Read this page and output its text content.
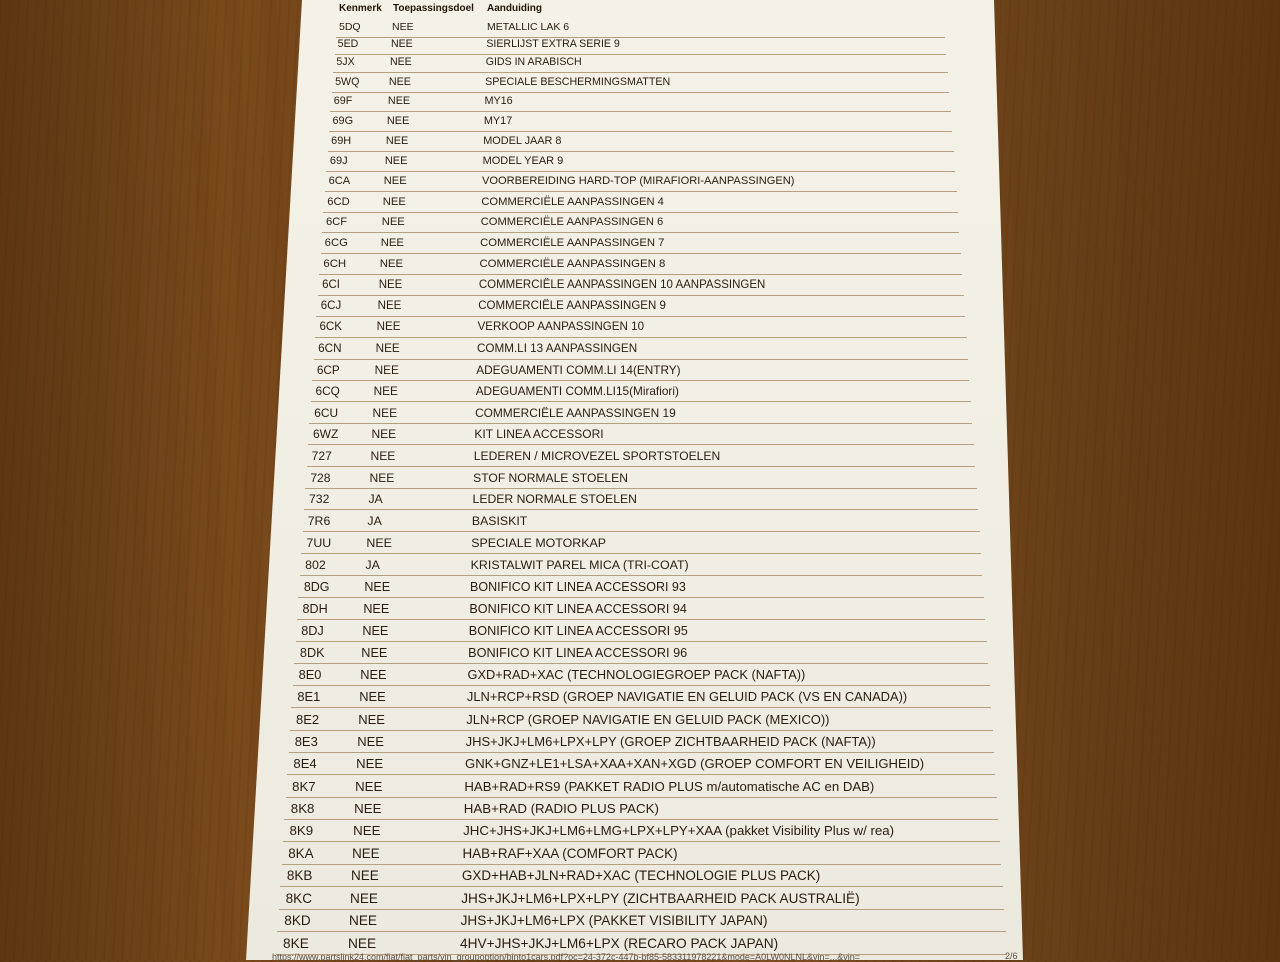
Kenmerk Toepassingsdoel Aanduiding
5DQ	NEE	METALLIC LAK 6
5ED	NEE	SIERLIJST EXTRA SERIE 9
5JX	NEE	GIDS IN ARABISCH
5WQ	NEE	SPECIALE BESCHERMINGSMATTEN
69F	NEE	MY16
69G	NEE	MY17
69H	NEE	MODEL JAAR 8
69J	NEE	MODEL YEAR 9
6CA	NEE	VOORBEREIDING HARD-TOP (MIRAFIORI-AANPASSINGEN)
6CD	NEE	COMMERCIËLE AANPASSINGEN 4
6CF	NEE	COMMERCIËLE AANPASSINGEN 6
6CG	NEE	COMMERCIËLE AANPASSINGEN 7
6CH	NEE	COMMERCIËLE AANPASSINGEN 8
6CI	NEE	COMMERCIËLE AANPASSINGEN 10 AANPASSINGEN
6CJ	NEE	COMMERCIËLE AANPASSINGEN 9
6CK	NEE	VERKOOP AANPASSINGEN 10
6CN	NEE	COMM.LI 13 AANPASSINGEN
6CP	NEE	ADEGUAMENTI COMM.LI 14(ENTRY)
6CQ	NEE	ADEGUAMENTI COMM.LI15(Mirafiori)
6CU	NEE	COMMERCIËLE AANPASSINGEN 19
6WZ	NEE	KIT LINEA ACCESSORI
727	NEE	LEDEREN / MICROVEZEL SPORTSTOELEN
728	NEE	STOF NORMALE STOELEN
732	JA	LEDER NORMALE STOELEN
7R6	JA	BASISKIT
7UU	NEE	SPECIALE MOTORKAP
802	JA	KRISTALWIT PAREL MICA (TRI-COAT)
8DG	NEE	BONIFICO KIT LINEA ACCESSORI 93
8DH	NEE	BONIFICO KIT LINEA ACCESSORI 94
8DJ	NEE	BONIFICO KIT LINEA ACCESSORI 95
8DK	NEE	BONIFICO KIT LINEA ACCESSORI 96
8E0	NEE	GXD+RAD+XAC (TECHNOLOGIEGROEP PACK (NAFTA))
8E1	NEE	JLN+RCP+RSD (GROEP NAVIGATIE EN GELUID PACK (VS EN CANADA))
8E2	NEE	JLN+RCP (GROEP NAVIGATIE EN GELUID PACK (MEXICO))
8E3	NEE	JHS+JKJ+LM6+LPX+LPY (GROEP ZICHTBAARHEID PACK (NAFTA))
8E4	NEE	GNK+GNZ+LE1+LSA+XAA+XAN+XGD (GROEP COMFORT EN VEILIGHEID)
8K7	NEE	HAB+RAD+RS9 (PAKKET RADIO PLUS m/automatische AC en DAB)
8K8	NEE	HAB+RAD (RADIO PLUS PACK)
8K9	NEE	JHC+JHS+JKJ+LM6+LMG+LPX+LPY+XAA (pakket Visibility Plus w/ rea)
8KA	NEE	HAB+RAF+XAA (COMFORT PACK)
8KB	NEE	GXD+HAB+JLN+RAD+XAC (TECHNOLOGIE PLUS PACK)
8KC	NEE	JHS+JKJ+LM6+LPX+LPY (ZICHTBAARHEID PACK AUSTRALIË)
8KD	NEE	JHS+JKJ+LM6+LPX (PAKKET VISIBILITY JAPAN)
8KE	NEE	4HV+JHS+JKJ+LM6+LPX (RECARO PACK JAPAN)
https://www.partslink24.com/fiat/fiat_parts/vin_groupoption/binto1cars.pdf?oc=24-372c-447b-bf85-583311978221&mode=A0LW0NLNL&vin=...&vin=	2/6
